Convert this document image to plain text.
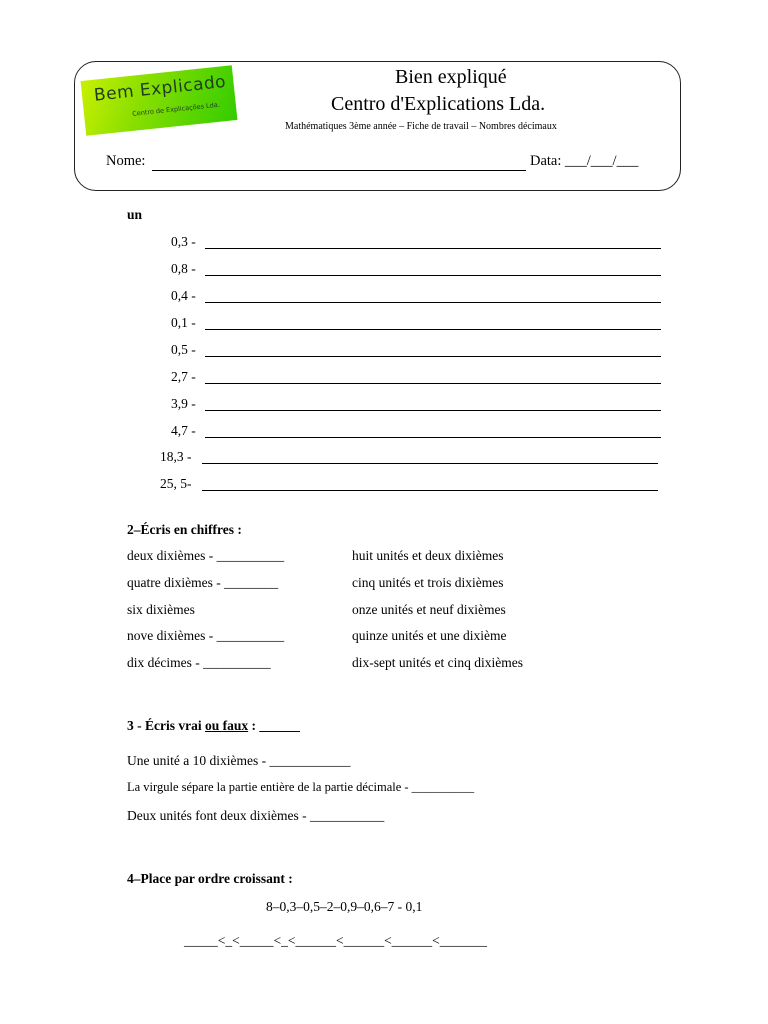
Bem Explicado
Centro de Explicações Lda.
Bien expliqué
Centro d'Explications Lda.
Mathématiques 3ème année – Fiche de travail – Nombres décimaux
Nome:	Data: ___/___/___
un
0,3 -
0,8 -
0,4 -
0,1 -
0,5 -
2,7 -
3,9 -
4,7 -
18,3 -
25, 5-
2–Écris en chiffres :
deux dixièmes - __________
quatre dixièmes - ________
six dixièmes
nove dixièmes - __________
dix décimes - __________
huit unités et deux dixièmes
cinq unités et trois dixièmes
onze unités et neuf dixièmes
quinze unités et une dixième
dix-sept unités et cinq dixièmes
3 - Écris vrai ou faux : ______
Une unité a 10 dixièmes - ____________
La virgule sépare la partie entière de la partie décimale - __________
Deux unités font deux dixièmes - ___________
4–Place par ordre croissant :
8–0,3–0,5–2–0,9–0,6–7 - 0,1
_____<_<_____<_<______<______<______<_______
